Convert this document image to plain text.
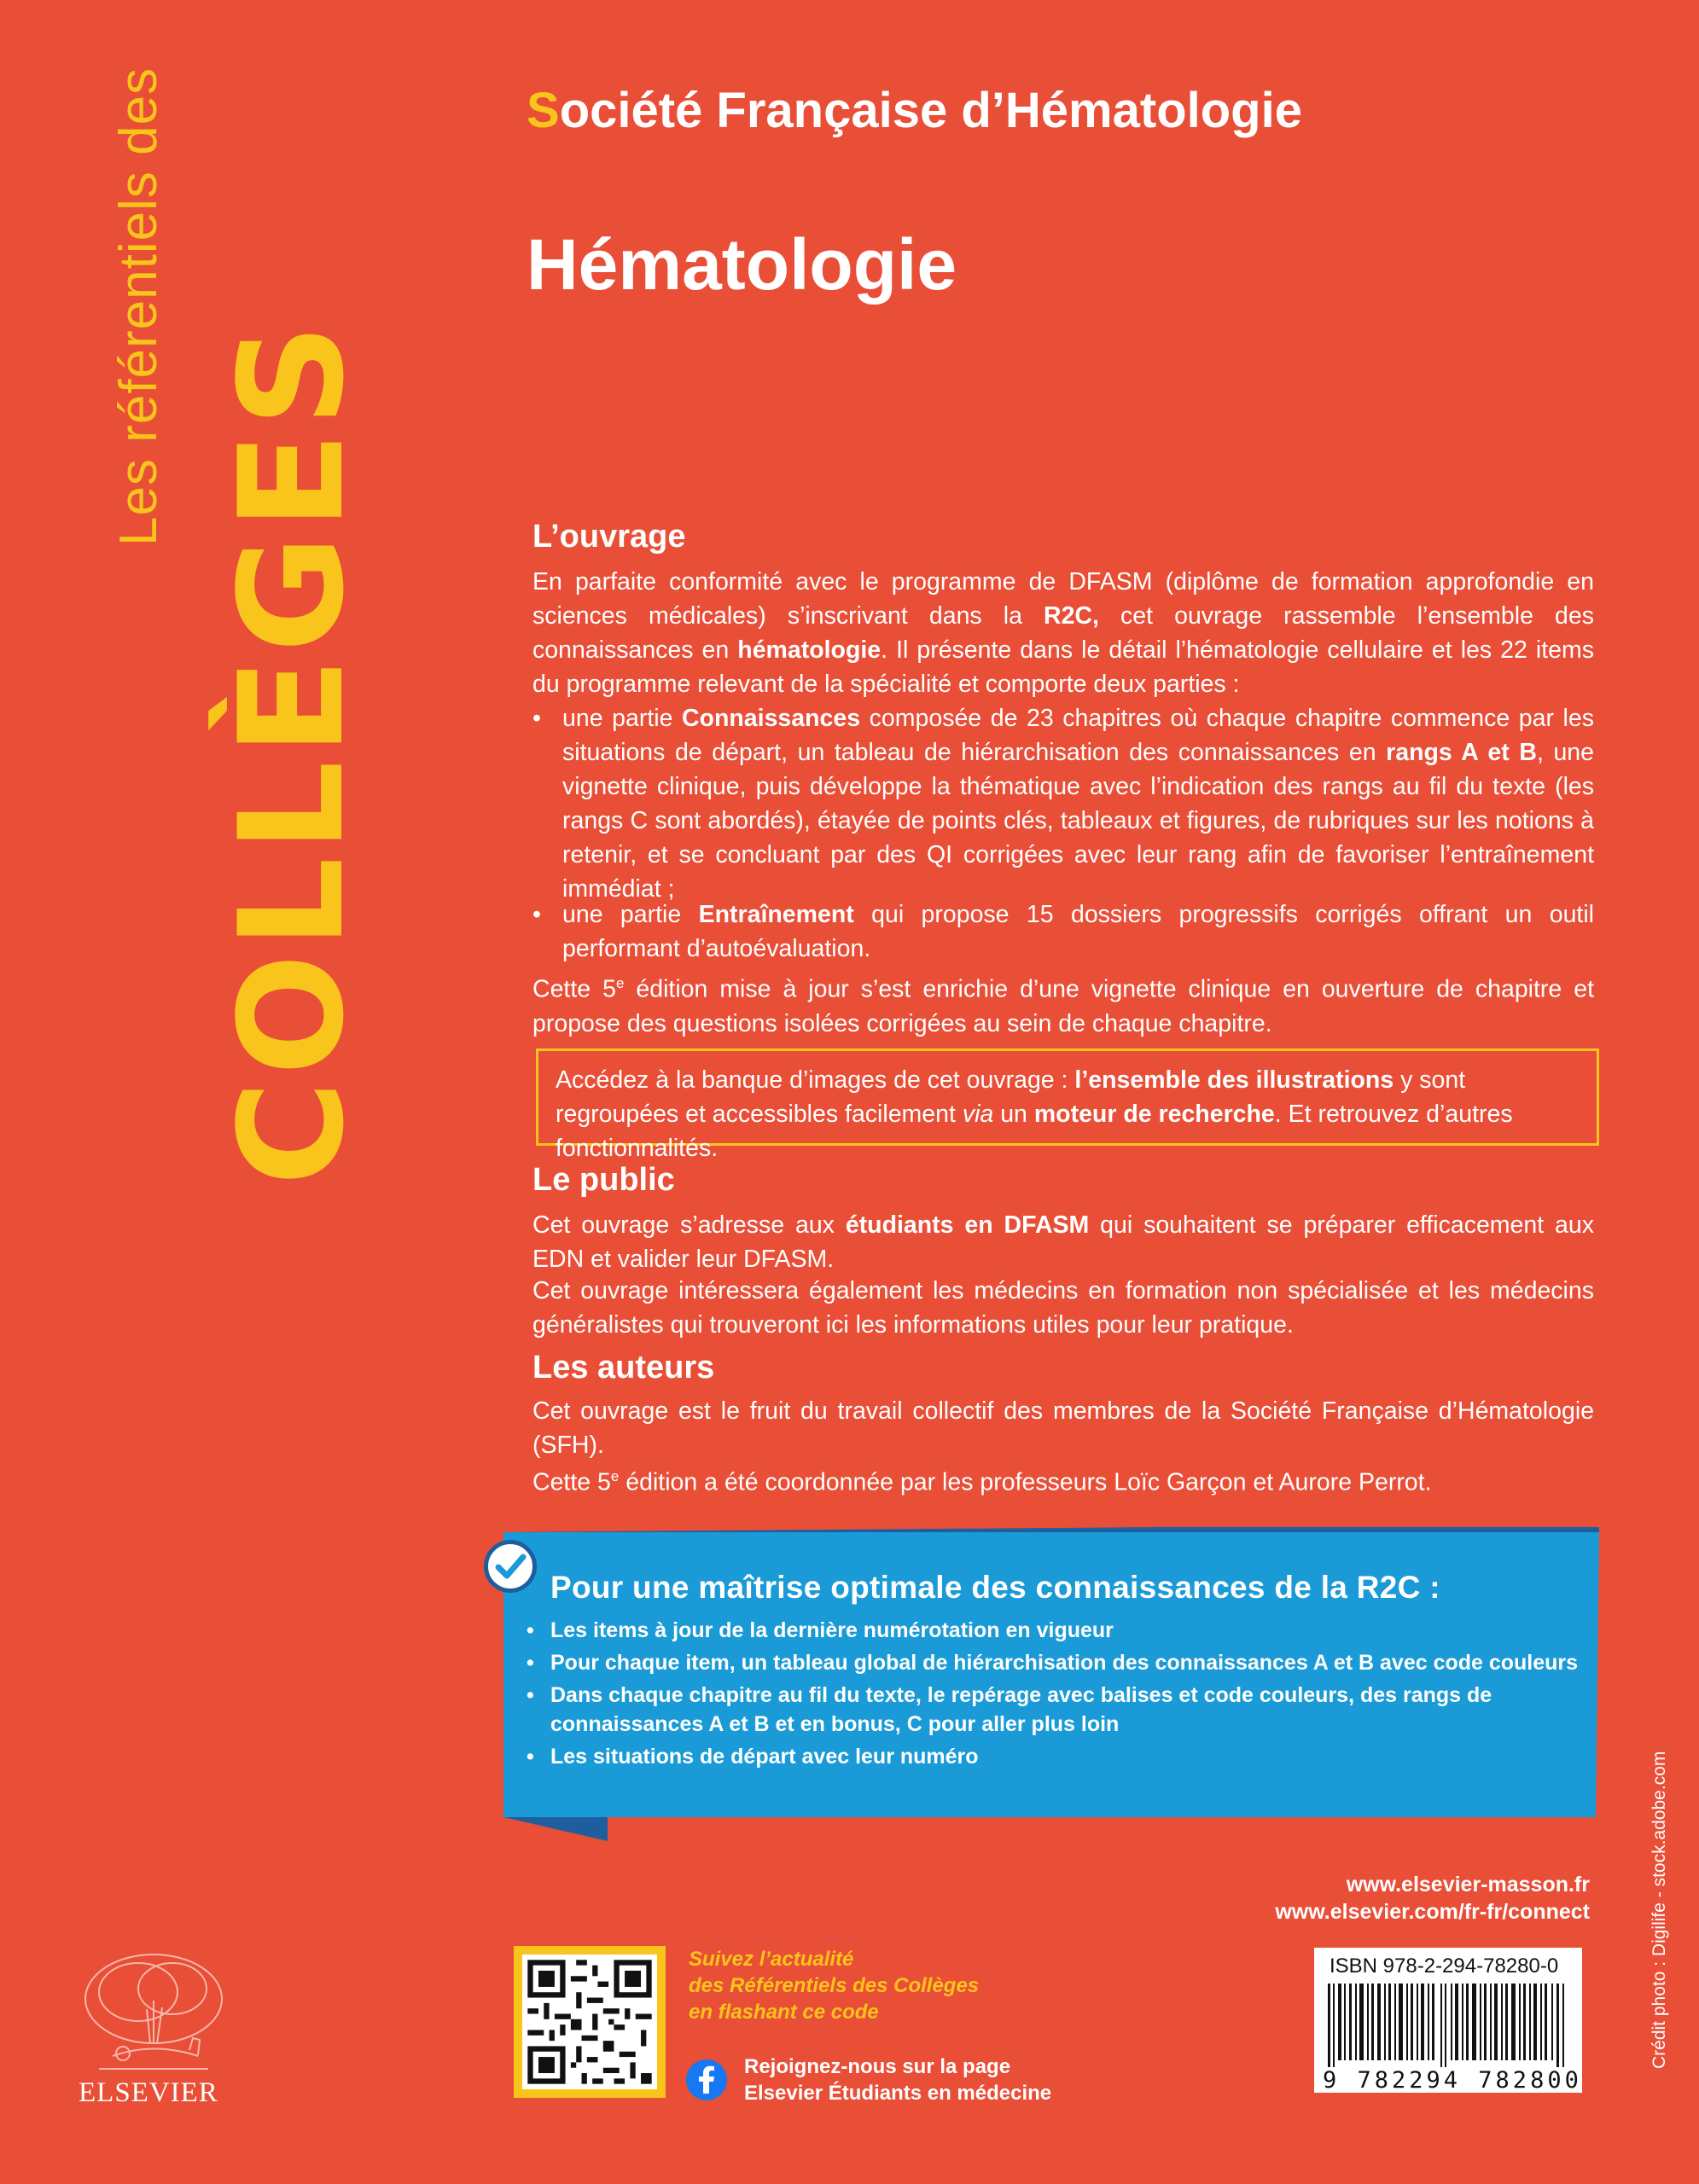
Les référentiels des
COLLÈGES
Société Française d’Hématologie
Hématologie
L’ouvrage
En parfaite conformité avec le programme de DFASM (diplôme de formation approfondie en sciences médicales) s’inscrivant dans la R2C, cet ouvrage rassemble l’ensemble des connaissances en hématologie. Il présente dans le détail l’hématologie cellulaire et les 22 items du programme relevant de la spécialité et comporte deux parties :
• une partie Connaissances composée de 23 chapitres où chaque chapitre commence par les situations de départ, un tableau de hiérarchisation des connaissances en rangs A et B, une vignette clinique, puis développe la thématique avec l’indication des rangs au fil du texte (les rangs C sont abordés), étayée de points clés, tableaux et figures, de rubriques sur les notions à retenir, et se concluant par des QI corrigées avec leur rang afin de favoriser l’entraînement immédiat ;
• une partie Entraînement qui propose 15 dossiers progressifs corrigés offrant un outil performant d’autoévaluation.
Cette 5e édition mise à jour s’est enrichie d’une vignette clinique en ouverture de chapitre et propose des questions isolées corrigées au sein de chaque chapitre.
Accédez à la banque d’images de cet ouvrage : l’ensemble des illustrations y sont regroupées et accessibles facilement via un moteur de recherche. Et retrouvez d’autres fonctionnalités.
Le public
Cet ouvrage s’adresse aux étudiants en DFASM qui souhaitent se préparer efficacement aux EDN et valider leur DFASM.
Cet ouvrage intéressera également les médecins en formation non spécialisée et les médecins généralistes qui trouveront ici les informations utiles pour leur pratique.
Les auteurs
Cet ouvrage est le fruit du travail collectif des membres de la Société Française d’Hématologie (SFH).
Cette 5e édition a été coordonnée par les professeurs Loïc Garçon et Aurore Perrot.
Pour une maîtrise optimale des connaissances de la R2C :
• Les items à jour de la dernière numérotation en vigueur
• Pour chaque item, un tableau global de hiérarchisation des connaissances A et B avec code couleurs
• Dans chaque chapitre au fil du texte, le repérage avec balises et code couleurs, des rangs de connaissances A et B et en bonus, C pour aller plus loin
• Les situations de départ avec leur numéro
www.elsevier-masson.fr
www.elsevier.com/fr-fr/connect	Crédit photo : Digilife - stock.adobe.com
ELSEVIER
Suivez l’actualité
des Référentiels des Collèges
en flashant ce code
Rejoignez-nous sur la page
Elsevier Étudiants en médecine
ISBN 978-2-294-78280-0
9 782294 782800
